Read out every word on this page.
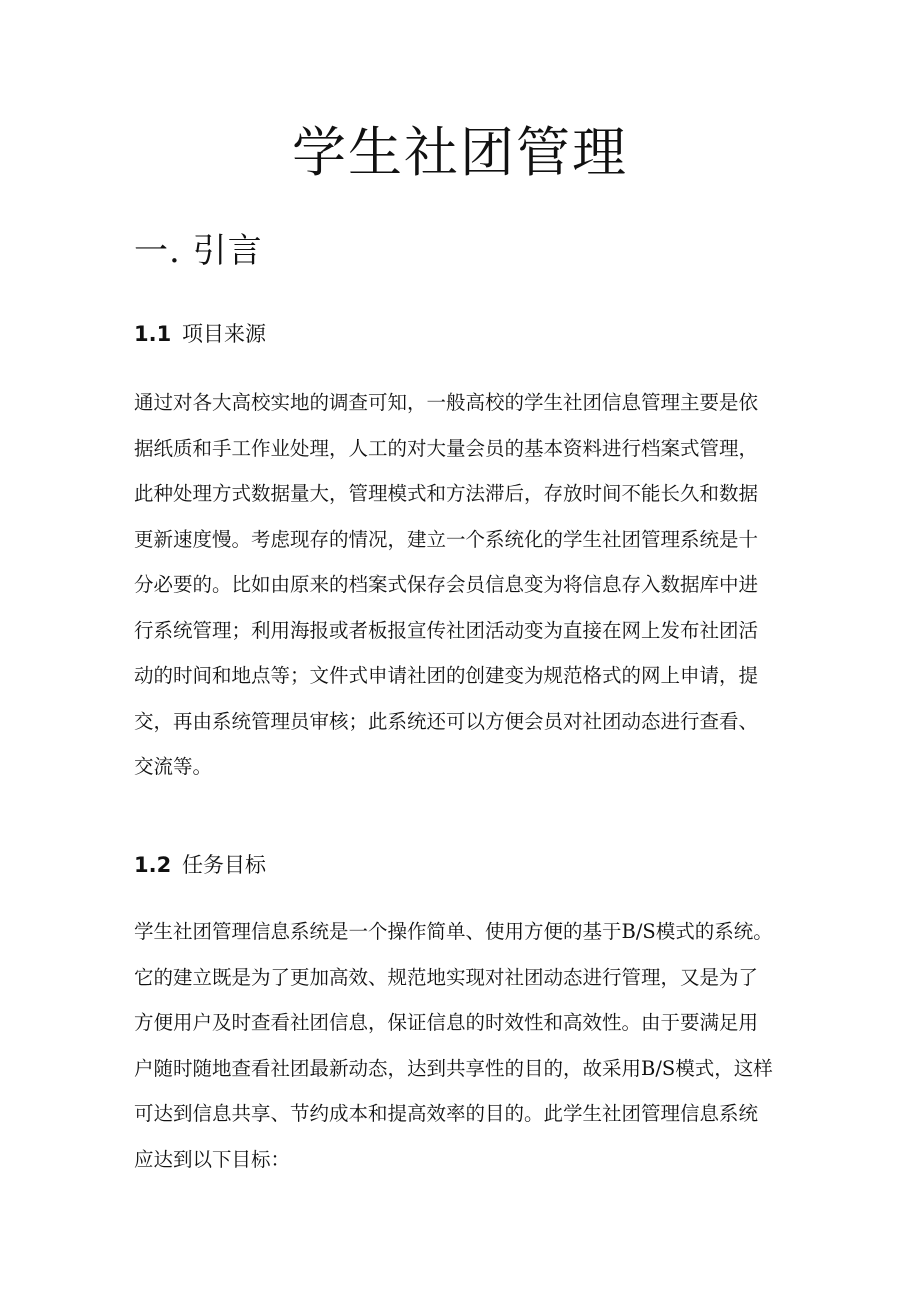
学生社团管理
一. 引言
1.1 项目来源
通过对各大高校实地的调查可知，一般高校的学生社团信息管理主要是依
据纸质和手工作业处理，人工的对大量会员的基本资料进行档案式管理，
此种处理方式数据量大，管理模式和方法滞后，存放时间不能长久和数据
更新速度慢。考虑现存的情况，建立一个系统化的学生社团管理系统是十
分必要的。比如由原来的档案式保存会员信息变为将信息存入数据库中进
行系统管理；利用海报或者板报宣传社团活动变为直接在网上发布社团活
动的时间和地点等；文件式申请社团的创建变为规范格式的网上申请，提
交，再由系统管理员审核；此系统还可以方便会员对社团动态进行查看、
交流等。
1.2 任务目标
学生社团管理信息系统是一个操作简单、使用方便的基于B/S模式的系统。
它的建立既是为了更加高效、规范地实现对社团动态进行管理，又是为了
方便用户及时查看社团信息，保证信息的时效性和高效性。由于要满足用
户随时随地查看社团最新动态，达到共享性的目的，故采用B/S模式，这样
可达到信息共享、节约成本和提高效率的目的。此学生社团管理信息系统
应达到以下目标：
